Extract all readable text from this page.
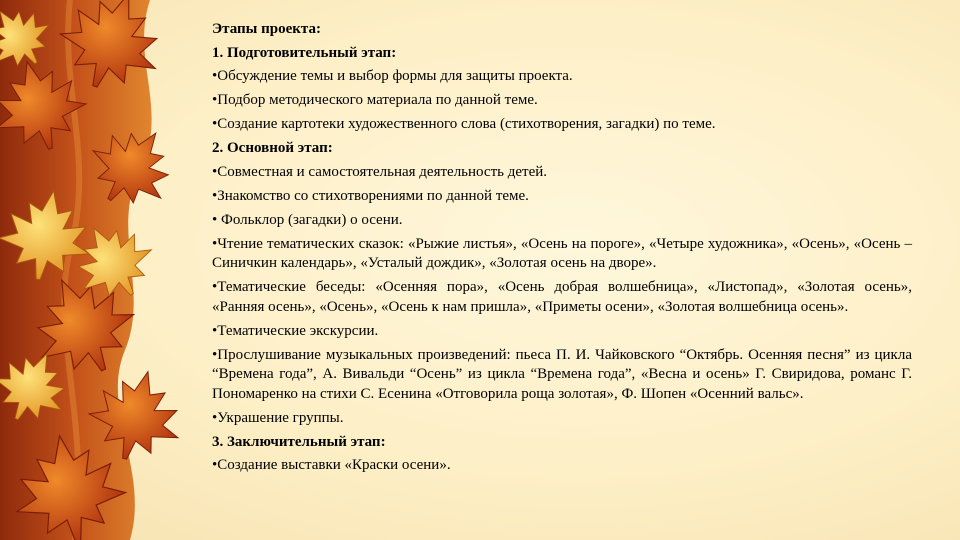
Этапы проекта:

1. Подготовительный этап:

•Обсуждение темы и выбор формы для защиты проекта.

•Подбор методического материала по данной теме.

•Создание картотеки художественного слова (стихотворения, загадки) по теме.

2. Основной этап:

•Совместная и самостоятельная деятельность детей.

•Знакомство со стихотворениями по данной теме.

• Фольклор (загадки) о осени.

•Чтение тематических сказок: «Рыжие листья», «Осень на пороге», «Четыре художника», «Осень», «Осень – Синичкин календарь», «Усталый дождик», «Золотая осень на дворе».

•Тематические беседы: «Осенняя пора», «Осень добрая волшебница», «Листопад», «Золотая осень», «Ранняя осень», «Осень», «Осень к нам пришла», «Приметы осени», «Золотая волшебница осень».

•Тематические экскурсии.

•Прослушивание музыкальных произведений: пьеса П. И. Чайковского “Октябрь. Осенняя песня” из цикла “Времена года”, А. Вивальди “Осень” из цикла “Времена года”, «Весна и осень» Г. Свиридова, романс Г. Пономаренко на стихи С. Есенина «Отговорила роща золотая», Ф. Шопен «Осенний вальс».

•Украшение группы.

3. Заключительный этап:

•Создание выставки «Краски осени».
